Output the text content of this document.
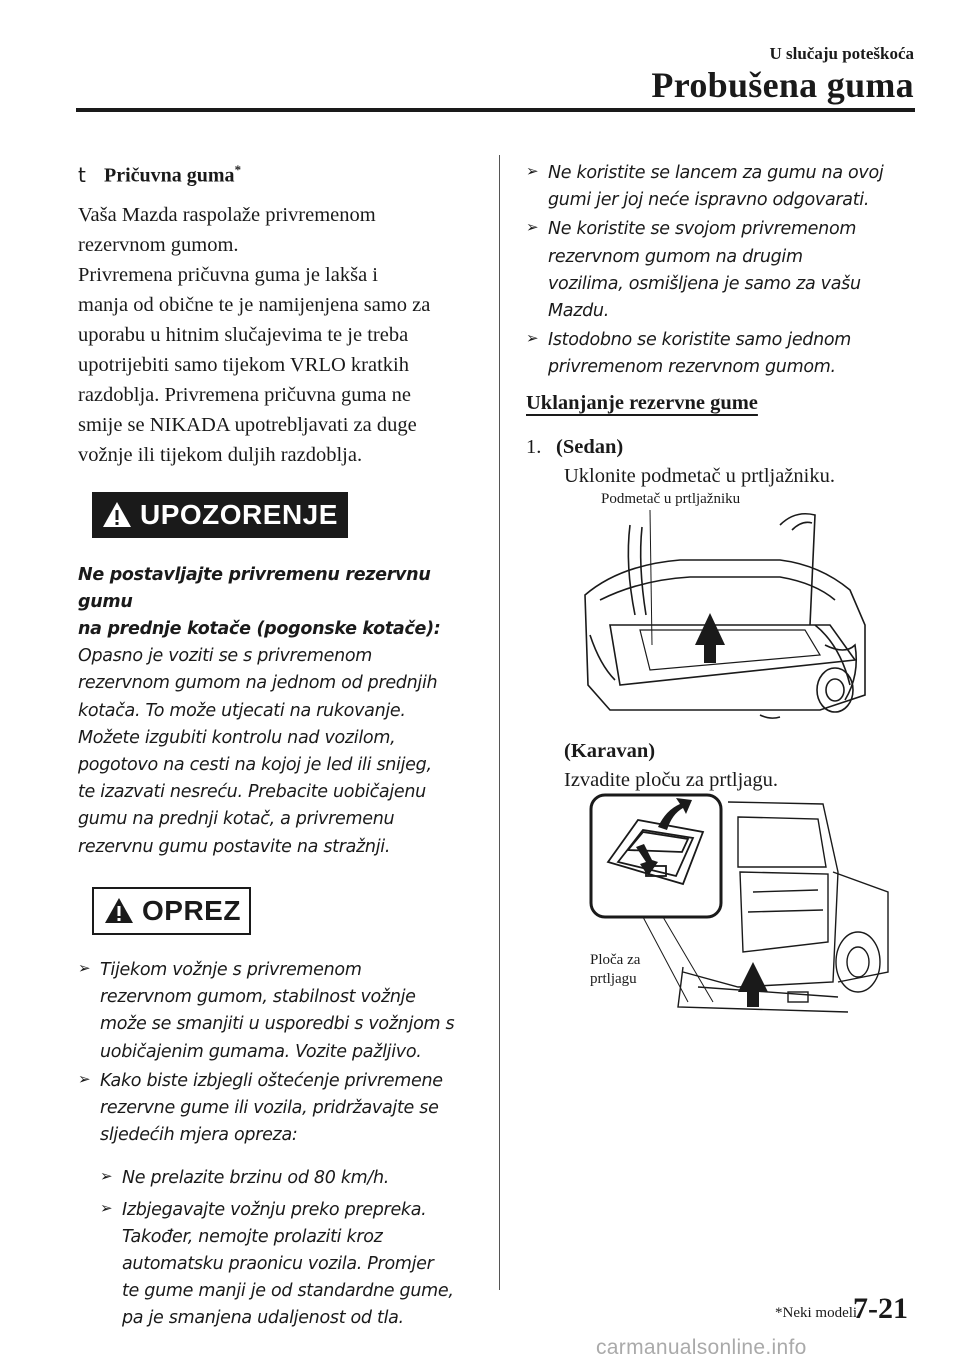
U slučaju poteškoća
Probušena guma
t Pričuvna guma*

Vaša Mazda raspolaže privremenom

rezervnom gumom.

Privremena pričuvna guma je lakša i

manja od obične te je namijenjena samo za

uporabu u hitnim slučajevima te je treba

upotrijebiti samo tijekom VRLO kratkih

razdoblja. Privremena pričuvna guma ne

smije se NIKADA upotrebljavati za duge

vožnje ili tijekom duljih razdoblja.

UPOZORENJE

Ne postavljajte privremenu rezervnu gumu

na prednje kotače (pogonske kotače):

Opasno je voziti se s privremenom

rezervnom gumom na jednom od prednjih

kotača. To može utjecati na rukovanje.

Možete izgubiti kontrolu nad vozilom,

pogotovo na cesti na kojoj je led ili snijeg,

te izazvati nesreću. Prebacite uobičajenu

gumu na prednji kotač, a privremenu

rezervnu gumu postavite na stražnji.

OPREZ
➢ Tijekom vožnje s privremenom

rezervnom gumom, stabilnost vožnje

može se smanjiti u usporedbi s vožnjom s

uobičajenim gumama. Vozite pažljivo.

➢ Kako biste izbjegli oštećenje privremene

rezervne gume ili vozila, pridržavajte se

sljedećih mjera opreza:

➢ Ne prelazite brzinu od 80 km/h.

➢ Izbjegavajte vožnju preko prepreka.

Također, nemojte prolaziti kroz

automatsku praonicu vozila. Promjer

te gume manji je od standardne gume,

pa je smanjena udaljenost od tla.

➢ Ne koristite se lancem za gumu na ovoj

gumi jer joj neće ispravno odgovarati.

➢ Ne koristite se svojom privremenom

rezervnom gumom na drugim

vozilima, osmišljena je samo za vašu

Mazdu.

➢ Istodobno se koristite samo jednom

privremenom rezervnom gumom.

Uklanjanje rezervne gume
1. (Sedan)
Uklonite podmetač u prtljažniku.
Podmetač u prtljažniku
(Karavan)
Izvadite ploču za prtljagu.
Ploča za
prtljagu
*Neki modeli.
7-21
carmanualsonline.info
